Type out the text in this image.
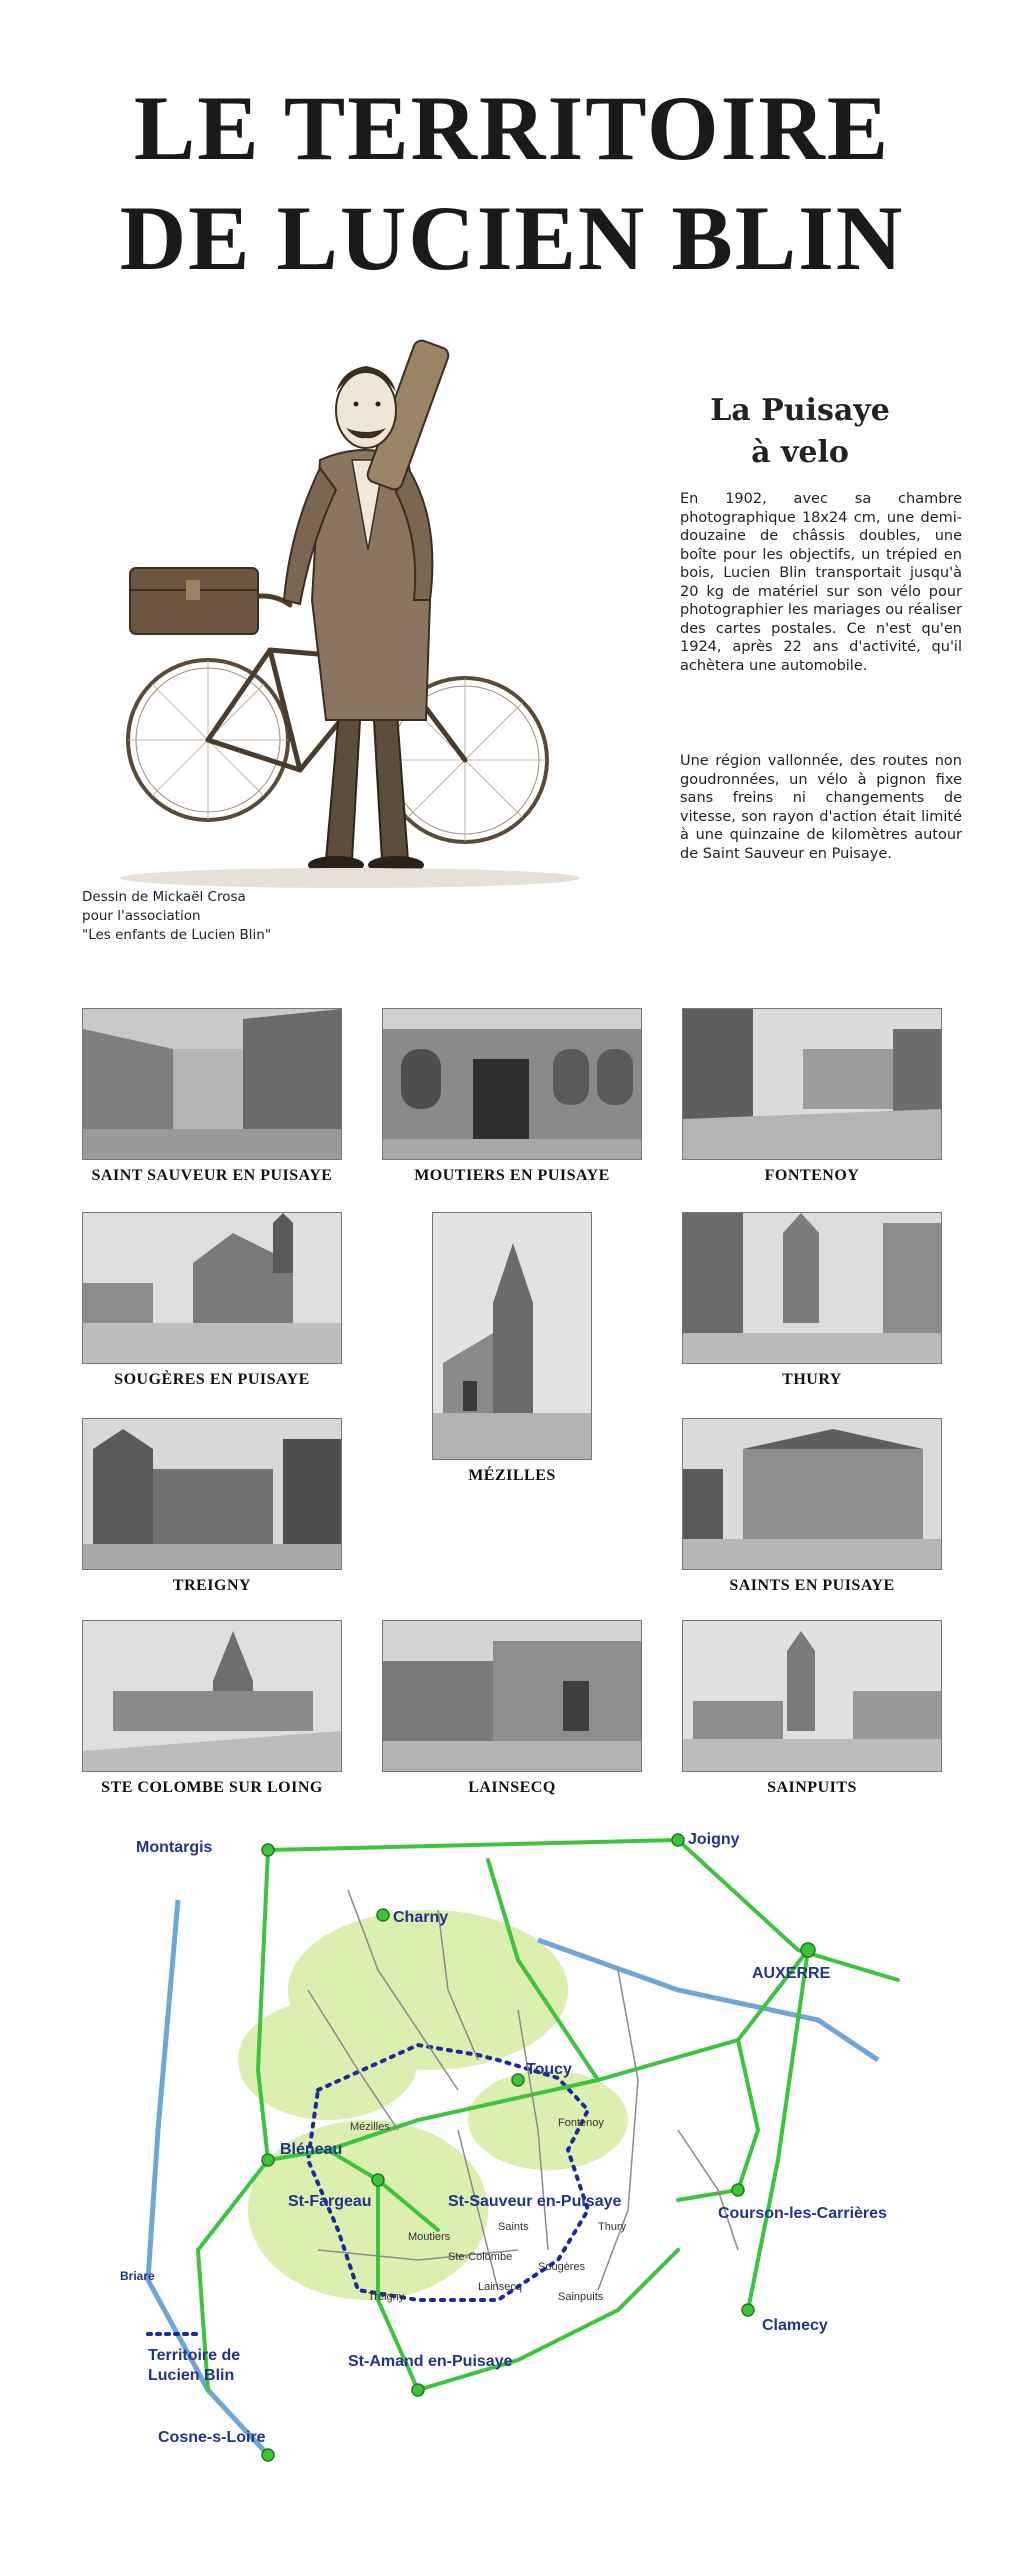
LE TERRITOIRE
DE LUCIEN BLIN
Dessin de Mickaël Crosa
pour l'association
"Les enfants de Lucien Blin"
La Puisaye
à velo

En 1902, avec sa chambre photographique 18x24 cm, une demi-douzaine de châssis doubles, une boîte pour les objectifs, un trépied en bois, Lucien Blin transportait jusqu'à 20 kg de matériel sur son vélo pour photographier les mariages ou réaliser des cartes postales. Ce n'est qu'en 1924, après 22 ans d'activité, qu'il achètera une automobile.

Une région vallonnée, des routes non goudronnées, un vélo à pignon fixe sans freins ni changements de vitesse, son rayon d'action était limité à une quinzaine de kilomètres autour de Saint Sauveur en Puisaye.

SAINT SAUVEUR EN PUISAYE	MOUTIERS EN PUISAYE	FONTENOY
SOUGÈRES EN PUISAYE
MÉZILLES
THURY
TREIGNY	SAINTS EN PUISAYE
STE COLOMBE SUR LOING	LAINSECQ	SAINPUITS
Montargis	Joigny
AUXERRE
Charny
Toucy
Bléneau
St-Fargeau	St-Sauveur en-Puisaye
St-Amand en-Puisaye
Courson-les-Carrières
Clamecy
Cosne-s-Loire
Briare
Mézilles
Treigny
Moutiers
Lainsecq
Saints
Fontenoy
Thury
Sougères
Ste-Colombe
Sainpuits
Territoire de
Lucien Blin
